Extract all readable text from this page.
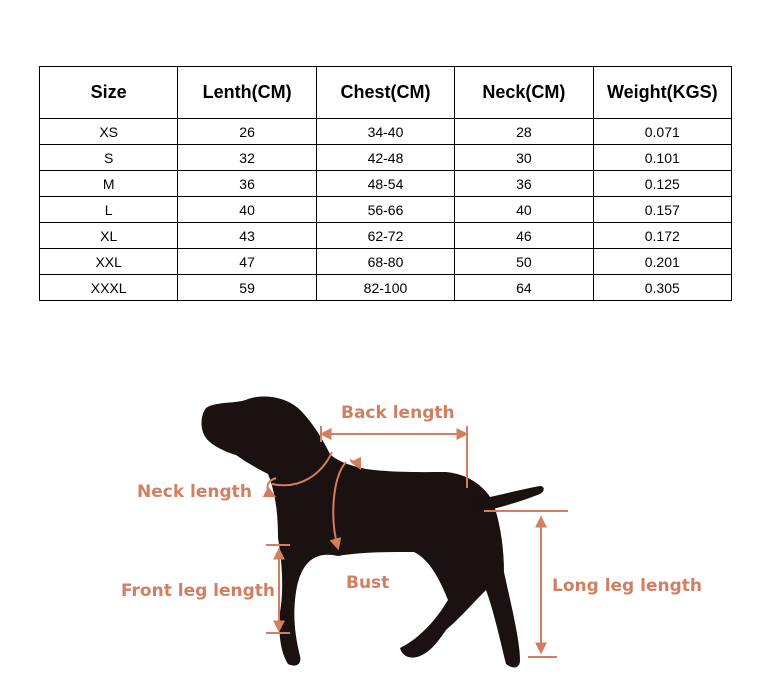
Size	Lenth(CM)	Chest(CM)	Neck(CM)	Weight(KGS)
XS	26	34-40	28	0.071
S	32	42-48	30	0.101
M	36	48-54	36	0.125
L	40	56-66	40	0.157
XL	43	62-72	46	0.172
XXL	47	68-80	50	0.201
XXXL	59	82-100	64	0.305
Back length
Neck length
Bust
Front leg length	Long leg length
